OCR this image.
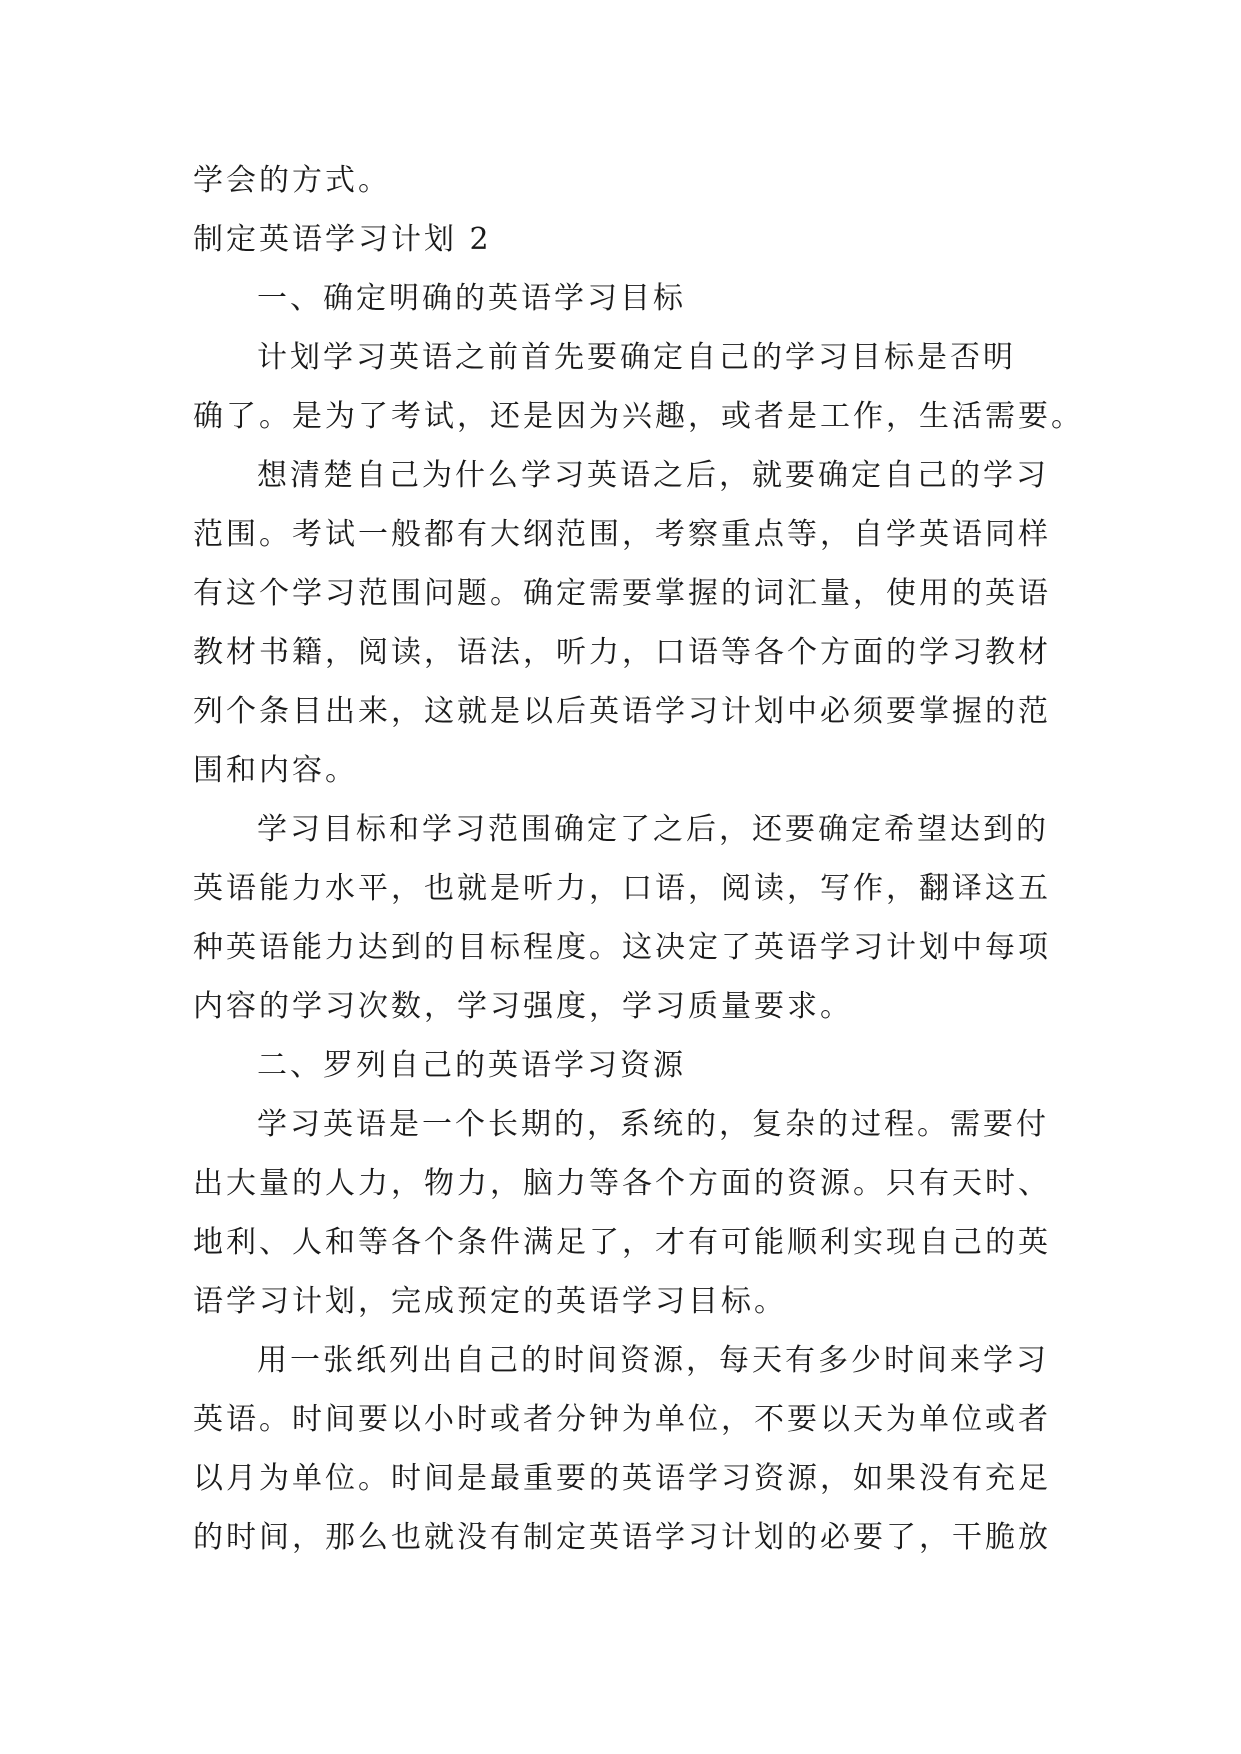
学会的方式。
制定英语学习计划 2
一、确定明确的英语学习目标
计划学习英语之前首先要确定自己的学习目标是否明
确了。是为了考试，还是因为兴趣，或者是工作，生活需要。
想清楚自己为什么学习英语之后，就要确定自己的学习
范围。考试一般都有大纲范围，考察重点等，自学英语同样
有这个学习范围问题。确定需要掌握的词汇量，使用的英语
教材书籍，阅读，语法，听力，口语等各个方面的学习教材
列个条目出来，这就是以后英语学习计划中必须要掌握的范
围和内容。
学习目标和学习范围确定了之后，还要确定希望达到的
英语能力水平，也就是听力，口语，阅读，写作，翻译这五
种英语能力达到的目标程度。这决定了英语学习计划中每项
内容的学习次数，学习强度，学习质量要求。
二、罗列自己的英语学习资源
学习英语是一个长期的，系统的，复杂的过程。需要付
出大量的人力，物力，脑力等各个方面的资源。只有天时、
地利、人和等各个条件满足了，才有可能顺利实现自己的英
语学习计划，完成预定的英语学习目标。
用一张纸列出自己的时间资源，每天有多少时间来学习
英语。时间要以小时或者分钟为单位，不要以天为单位或者
以月为单位。时间是最重要的英语学习资源，如果没有充足
的时间，那么也就没有制定英语学习计划的必要了，干脆放
